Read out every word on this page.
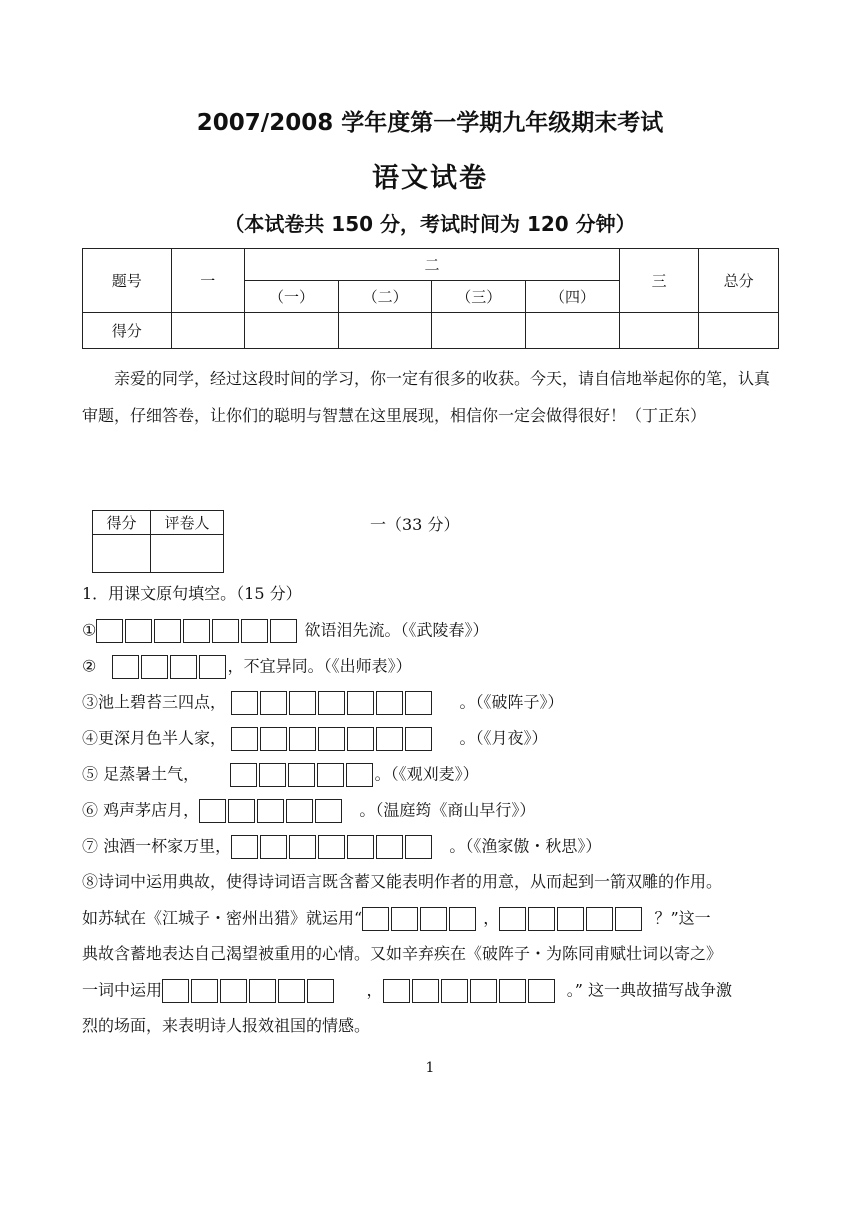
2007/2008 学年度第一学期九年级期末考试
语文试卷
（本试卷共 150 分，考试时间为 120 分钟）
题号	一	二				三	总分
		（一）	（二）	（三）	（四）		
得分							
亲爱的同学，经过这段时间的学习，你一定有很多的收获。今天，请自信地举起你的笔，认真审题，仔细答卷，让你们的聪明与智慧在这里展现，相信你一定会做得很好！（丁正东）
得分	评卷人
		一（33 分）
1．用课文原句填空。（15 分）
①	欲语泪先流。（《武陵春》）
②	，不宜异同。（《出师表》）
③池上碧苔三四点，	。（《破阵子》）
④更深月色半人家，	。（《月夜》）
⑤ 足蒸暑土气，	。（《观刈麦》）
⑥ 鸡声茅店月，	。（温庭筠《商山早行》）
⑦ 浊酒一杯家万里，	。（《渔家傲・秋思》）
⑧诗词中运用典故，使得诗词语言既含蓄又能表明作者的用意，从而起到一箭双雕的作用。
如苏轼在《江城子・密州出猎》就运用“	，	？”这一
典故含蓄地表达自己渴望被重用的心情。又如辛弃疾在《破阵子・为陈同甫赋壮词以寄之》
一词中运用	，	。” 这一典故描写战争激
烈的场面，来表明诗人报效祖国的情感。
1
